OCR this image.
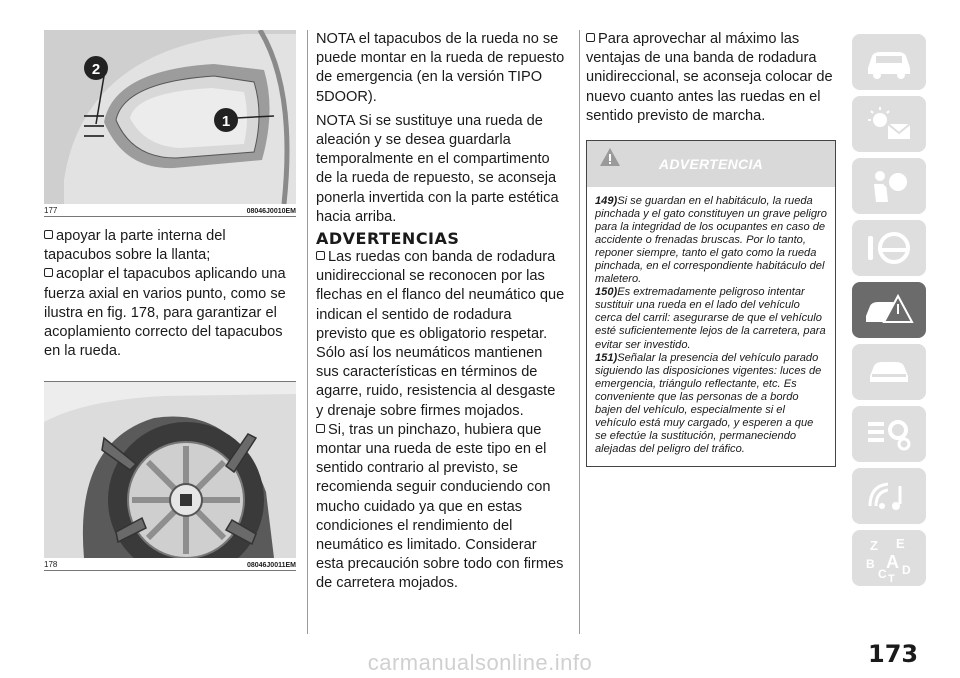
2
1
177	08046J0010EM

apoyar la parte interna del tapacubos sobre la llanta;

acoplar el tapacubos aplicando una fuerza axial en varios punto, como se ilustra en fig. 178, para garantizar el acoplamiento correcto del tapacubos en la rueda.

178	08046J0011EM

NOTA el tapacubos de la rueda no se puede montar en la rueda de repuesto de emergencia (en la versión TIPO 5DOOR).

NOTA Si se sustituye una rueda de aleación y se desea guardarla temporalmente en el compartimento de la rueda de repuesto, se aconseja ponerla invertida con la parte estética hacia arriba.

ADVERTENCIAS

Las ruedas con banda de rodadura unidireccional se reconocen por las flechas en el flanco del neumático que indican el sentido de rodadura previsto que es obligatorio respetar. Sólo así los neumáticos mantienen sus características en términos de agarre, ruido, resistencia al desgaste y drenaje sobre firmes mojados.

Si, tras un pinchazo, hubiera que montar una rueda de este tipo en el sentido contrario al previsto, se recomienda seguir conduciendo con mucho cuidado ya que en estas condiciones el rendimiento del neumático es limitado. Considerar esta precaución sobre todo con firmes de carretera mojados.

Para aprovechar al máximo las ventajas de una banda de rodadura unidireccional, se aconseja colocar de nuevo cuanto antes las ruedas en el sentido previsto de marcha.

ADVERTENCIA
149)Si se guardan en el habitáculo, la rueda pinchada y el gato constituyen un grave peligro para la integridad de los ocupantes en caso de accidente o frenadas bruscas. Por lo tanto, reponer siempre, tanto el gato como la rueda pinchada, en el correspondiente habitáculo del maletero.
150)Es extremadamente peligroso intentar sustituir una rueda en el lado del vehículo cerca del carril: asegurarse de que el vehículo esté suficientemente lejos de la carretera, para evitar ser investido.
151)Señalar la presencia del vehículo parado siguiendo las disposiciones vigentes: luces de emergencia, triángulo reflectante, etc. Es conveniente que las personas de a bordo bajen del vehículo, especialmente si el vehículo está muy cargado, y esperen a que se efectúe la sustitución, permaneciendo alejadas del peligro del tráfico.
Z E
B A
C D
T
173
carmanualsonline.info
